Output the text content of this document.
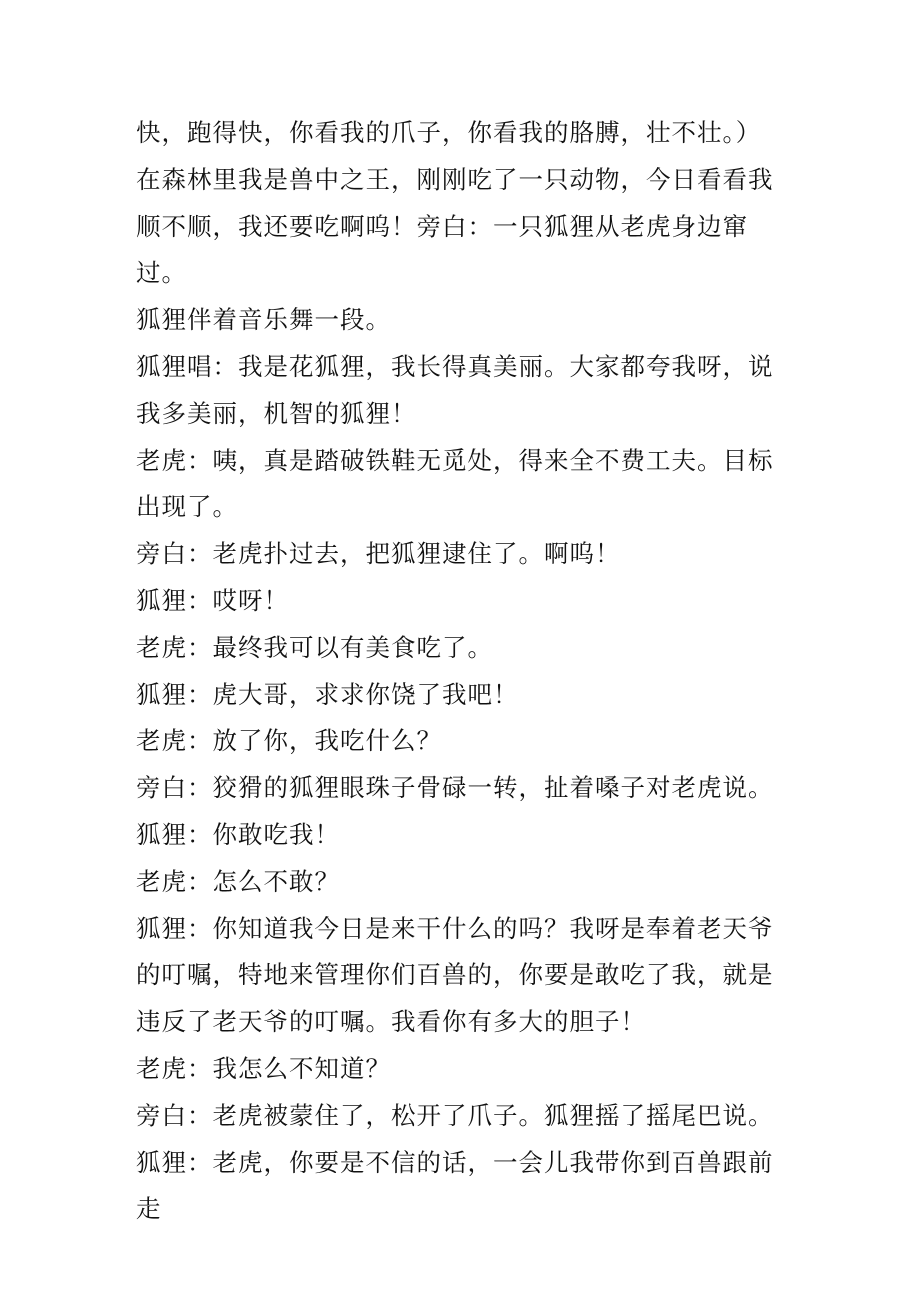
快，跑得快，你看我的爪子，你看我的胳膊，壮不壮。）在森林里我是兽中之王，刚刚吃了一只动物，今日看看我顺不顺，我还要吃啊呜！旁白：一只狐狸从老虎身边窜过。

狐狸伴着音乐舞一段。

狐狸唱：我是花狐狸，我长得真美丽。大家都夸我呀，说我多美丽，机智的狐狸！

老虎：咦，真是踏破铁鞋无觅处，得来全不费工夫。目标出现了。

旁白：老虎扑过去，把狐狸逮住了。啊呜！

狐狸：哎呀！

老虎：最终我可以有美食吃了。

狐狸：虎大哥，求求你饶了我吧！

老虎：放了你，我吃什么？

旁白：狡猾的狐狸眼珠子骨碌一转，扯着嗓子对老虎说。

狐狸：你敢吃我！

老虎：怎么不敢？

狐狸：你知道我今日是来干什么的吗？我呀是奉着老天爷的叮嘱，特地来管理你们百兽的，你要是敢吃了我，就是违反了老天爷的叮嘱。我看你有多大的胆子！

老虎：我怎么不知道？

旁白：老虎被蒙住了，松开了爪子。狐狸摇了摇尾巴说。

狐狸：老虎，你要是不信的话，一会儿我带你到百兽跟前走
